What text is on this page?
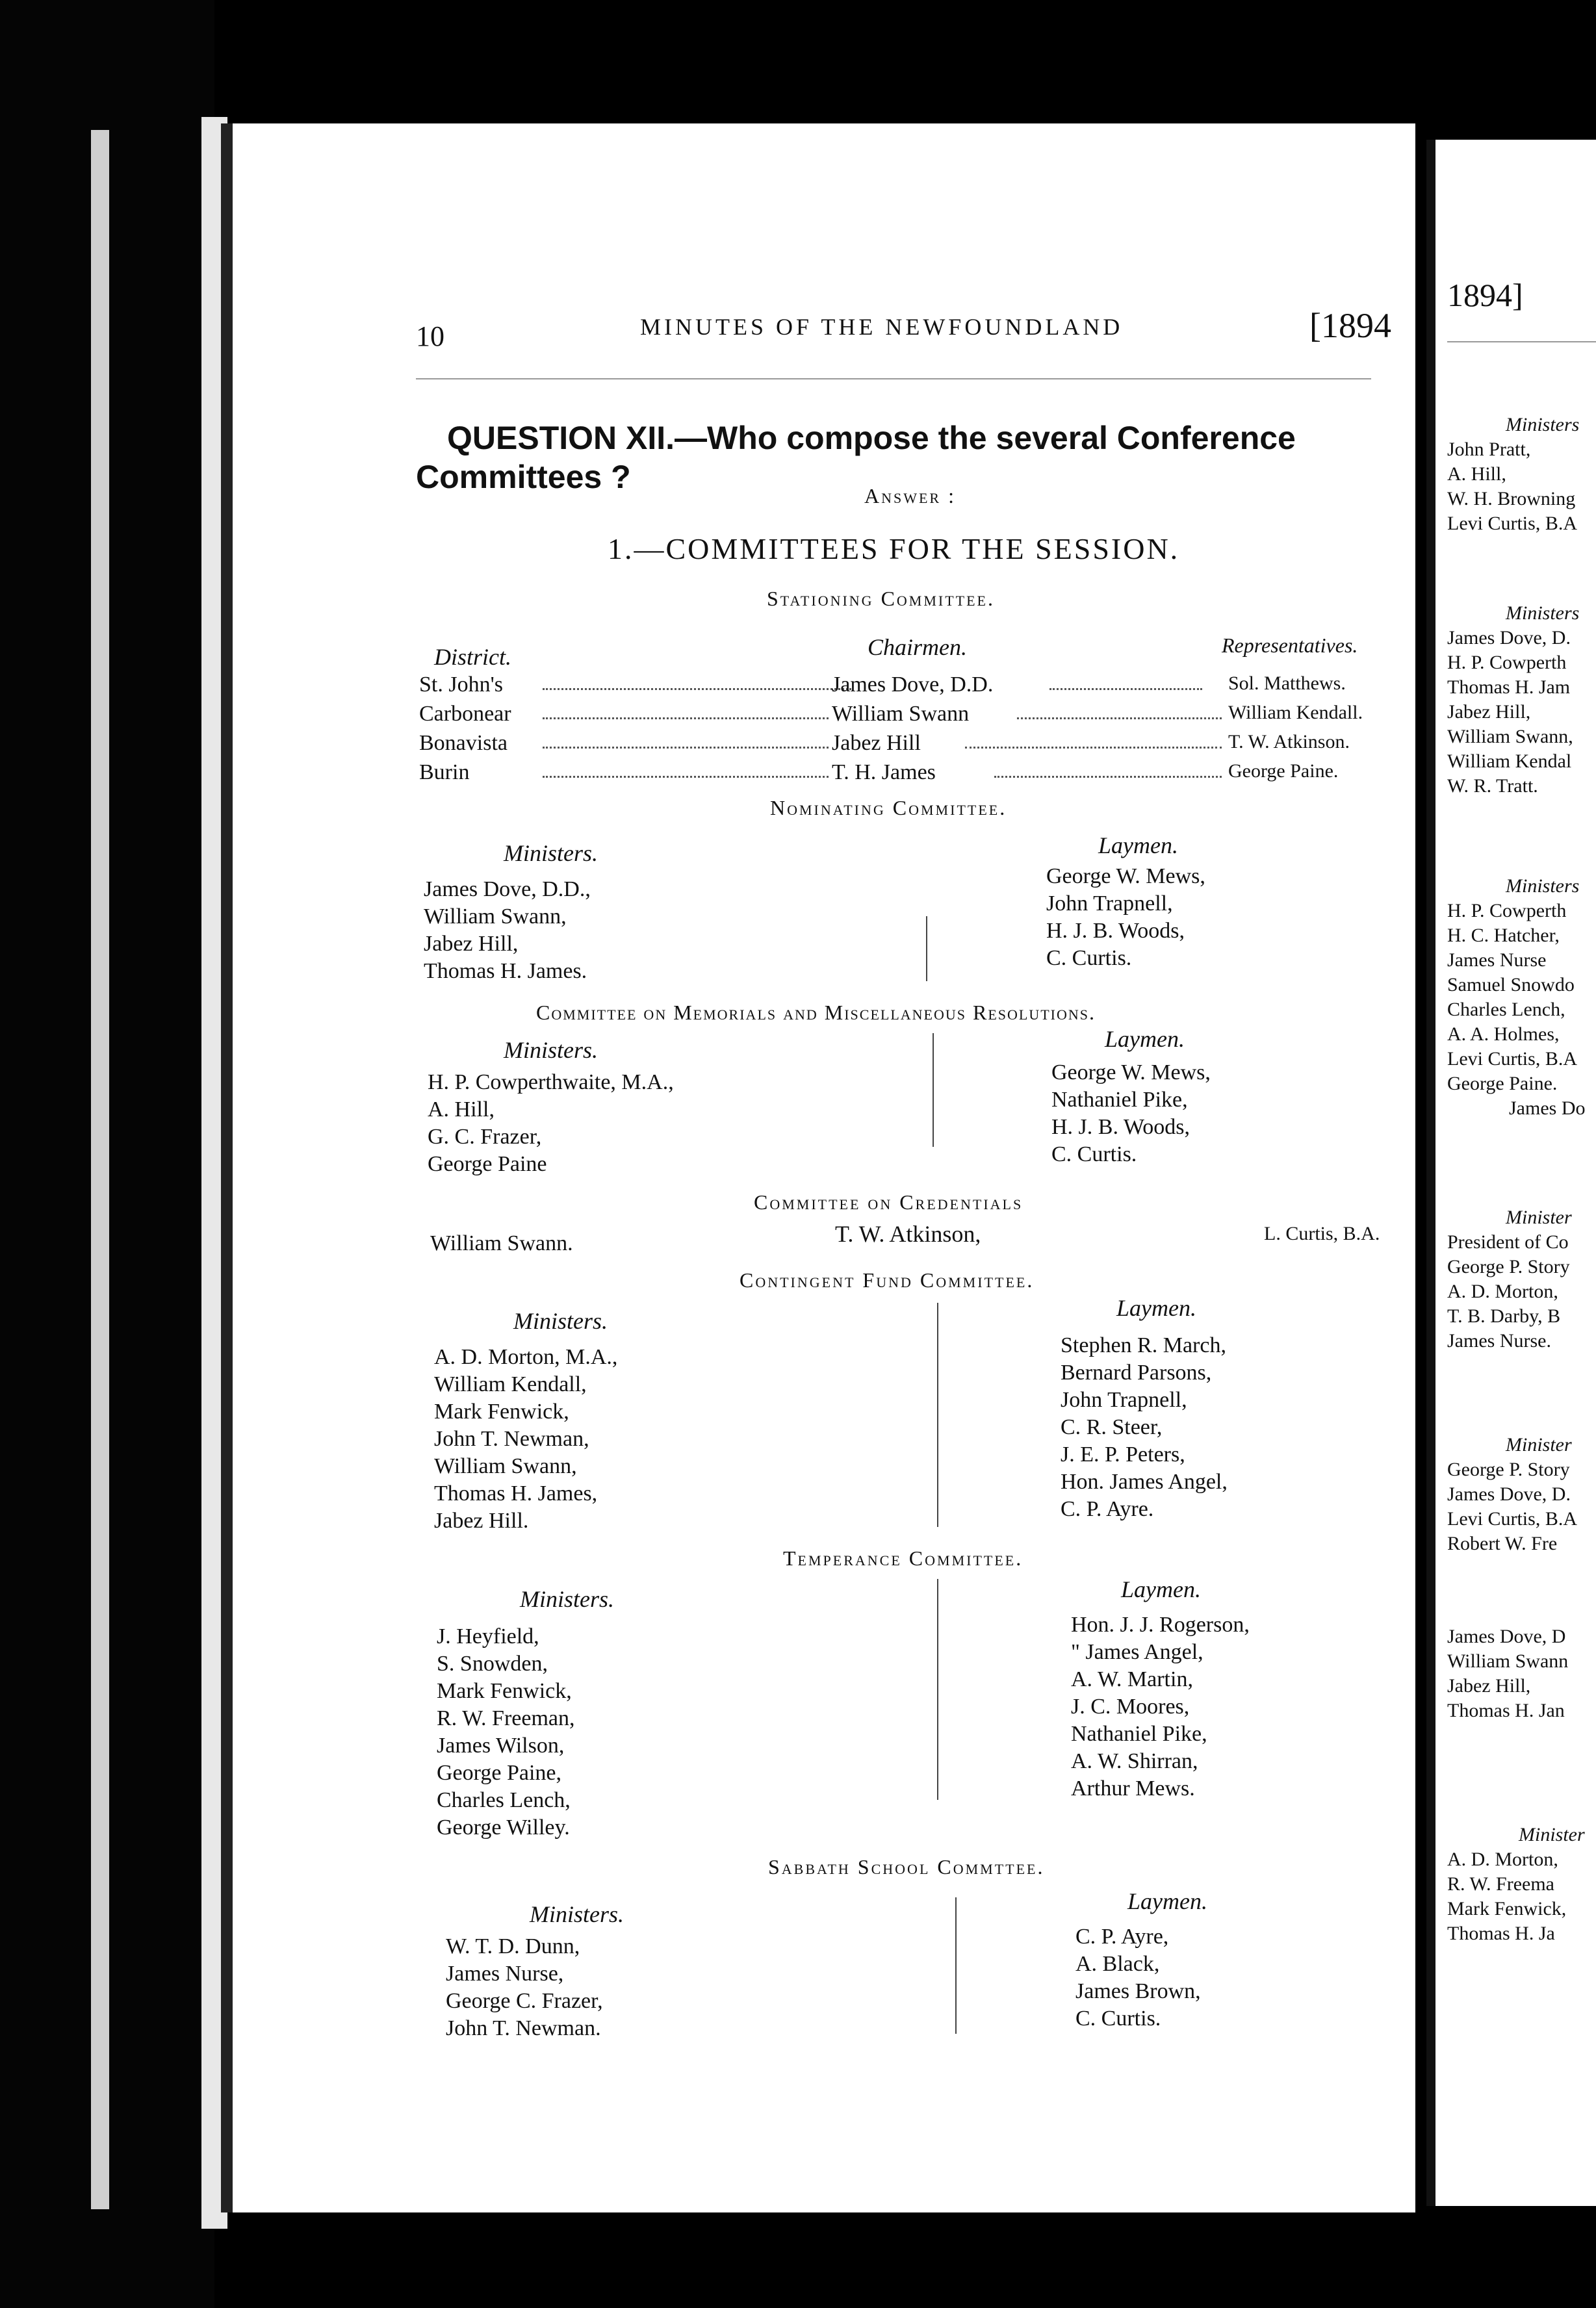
10	MINUTES OF THE NEWFOUNDLAND	[1894
QUESTION XII.—Who compose the several Conference
Committees ?
Answer :
1.—COMMITTEES FOR THE SESSION.
Stationing Committee.
District.	Chairmen.	Representatives.
St. John's	James Dove, D.D.	Sol. Matthews.
Carbonear	William Swann	William Kendall.
Bonavista	Jabez Hill	T. W. Atkinson.
Burin	T. H. James	George Paine.
Nominating Committee.
Ministers.	Laymen.
James Dove, D.D.,
William Swann,
Jabez Hill,
Thomas H. James.
George W. Mews,
John Trapnell,
H. J. B. Woods,
C. Curtis.
Committee on Memorials and Miscellaneous Resolutions.
Ministers.	Laymen.
H. P. Cowperthwaite, M.A.,
A. Hill,
G. C. Frazer,
George Paine
George W. Mews,
Nathaniel Pike,
H. J. B. Woods,
C. Curtis.
Committee on Credentials
William Swann.	T. W. Atkinson,	L. Curtis, B.A.
Contingent Fund Committee.
Ministers.	Laymen.
A. D. Morton, M.A.,
William Kendall,
Mark Fenwick,
John T. Newman,
William Swann,
Thomas H. James,
Jabez Hill.
Stephen R. March,
Bernard Parsons,
John Trapnell,
C. R. Steer,
J. E. P. Peters,
Hon. James Angel,
C. P. Ayre.
Temperance Committee.
Ministers.	Laymen.
J. Heyfield,
S. Snowden,
Mark Fenwick,
R. W. Freeman,
James Wilson,
George Paine,
Charles Lench,
George Willey.
Hon. J. J. Rogerson,
" James Angel,
A. W. Martin,
J. C. Moores,
Nathaniel Pike,
A. W. Shirran,
Arthur Mews.
Sabbath School Commttee.
Ministers.	Laymen.
W. T. D. Dunn,
James Nurse,
George C. Frazer,
John T. Newman.
C. P. Ayre,
A. Black,
James Brown,
C. Curtis.
1894]
Ministers
John Pratt,
A. Hill,
W. H. Browning
Levi Curtis, B.A
Ministers
James Dove, D.
H. P. Cowperth
Thomas H. Jam
Jabez Hill,
William Swann,
William Kendal
W. R. Tratt.
Ministers
H. P. Cowperth
H. C. Hatcher,
James Nurse
Samuel Snowdo
Charles Lench,
A. A. Holmes,
Levi Curtis, B.A
George Paine.
James Do
Minister
President of Co
George P. Story
A. D. Morton,
T. B. Darby, B
James Nurse.
Minister
George P. Story
James Dove, D.
Levi Curtis, B.A
Robert W. Fre
James Dove, D
William Swann
Jabez Hill,
Thomas H. Jan
Minister
A. D. Morton,
R. W. Freema
Mark Fenwick,
Thomas H. Ja
